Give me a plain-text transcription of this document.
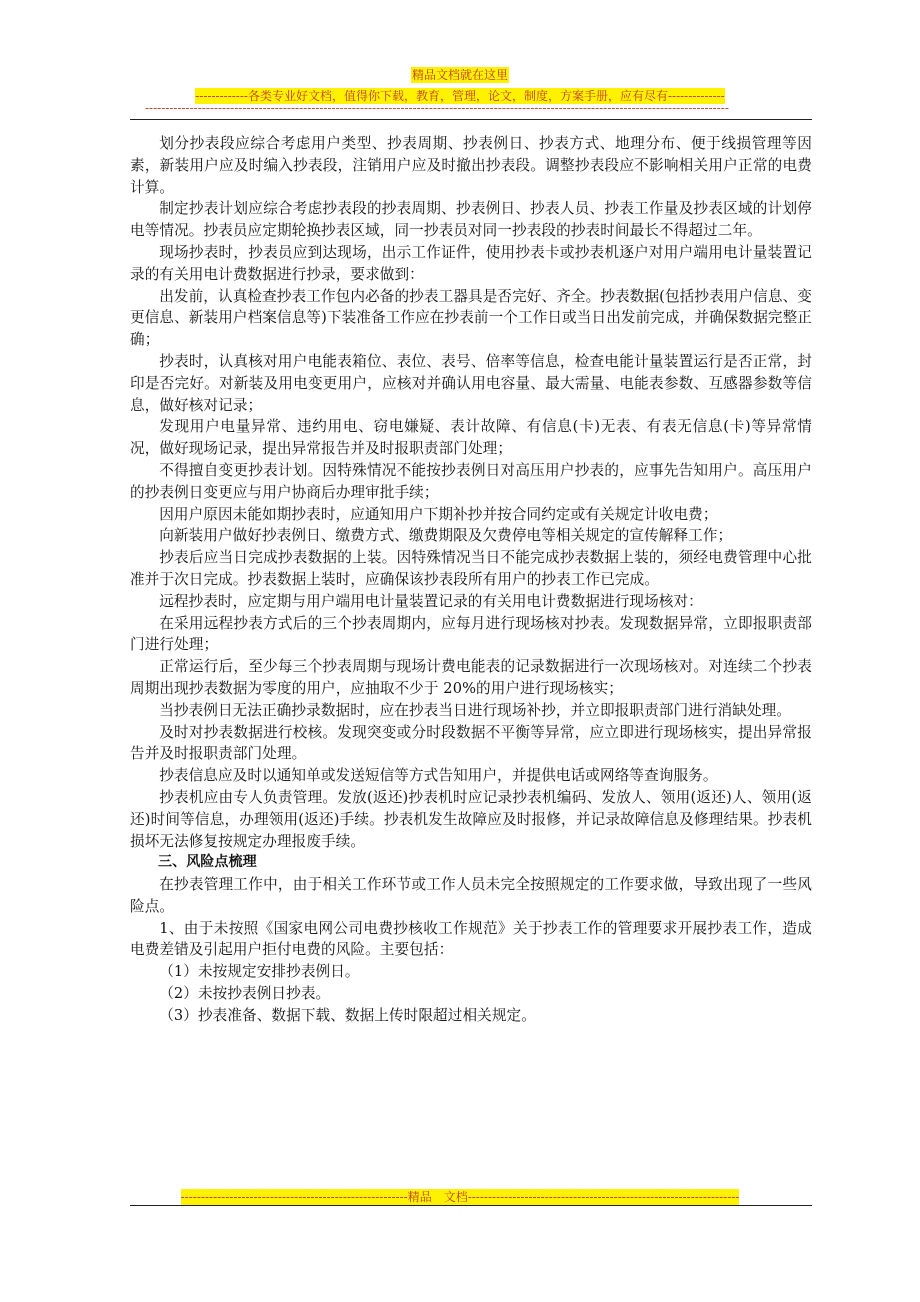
精品文档就在这里
-------------各类专业好文档，值得你下载，教育，管理，论文，制度，方案手册，应有尽有--------------
------------------------------------------------------------------------------------------------------------------------------------------------

划分抄表段应综合考虑用户类型、抄表周期、抄表例日、抄表方式、地理分布、便于线损管理等因素，新装用户应及时编入抄表段，注销用户应及时撤出抄表段。调整抄表段应不影响相关用户正常的电费计算。

制定抄表计划应综合考虑抄表段的抄表周期、抄表例日、抄表人员、抄表工作量及抄表区域的计划停电等情况。抄表员应定期轮换抄表区域，同一抄表员对同一抄表段的抄表时间最长不得超过二年。

现场抄表时，抄表员应到达现场，出示工作证件，使用抄表卡或抄表机逐户对用户端用电计量装置记录的有关用电计费数据进行抄录，要求做到：

出发前，认真检查抄表工作包内必备的抄表工器具是否完好、齐全。抄表数据(包括抄表用户信息、变更信息、新装用户档案信息等)下装准备工作应在抄表前一个工作日或当日出发前完成，并确保数据完整正确；

抄表时，认真核对用户电能表箱位、表位、表号、倍率等信息，检查电能计量装置运行是否正常，封印是否完好。对新装及用电变更用户，应核对并确认用电容量、最大需量、电能表参数、互感器参数等信息，做好核对记录；

发现用户电量异常、违约用电、窃电嫌疑、表计故障、有信息(卡)无表、有表无信息(卡)等异常情况，做好现场记录，提出异常报告并及时报职责部门处理；

不得擅自变更抄表计划。因特殊情况不能按抄表例日对高压用户抄表的，应事先告知用户。高压用户的抄表例日变更应与用户协商后办理审批手续；

因用户原因未能如期抄表时，应通知用户下期补抄并按合同约定或有关规定计收电费；

向新装用户做好抄表例日、缴费方式、缴费期限及欠费停电等相关规定的宣传解释工作；

抄表后应当日完成抄表数据的上装。因特殊情况当日不能完成抄表数据上装的，须经电费管理中心批准并于次日完成。抄表数据上装时，应确保该抄表段所有用户的抄表工作已完成。

远程抄表时，应定期与用户端用电计量装置记录的有关用电计费数据进行现场核对：

在采用远程抄表方式后的三个抄表周期内，应每月进行现场核对抄表。发现数据异常，立即报职责部门进行处理；

正常运行后，至少每三个抄表周期与现场计费电能表的记录数据进行一次现场核对。对连续二个抄表周期出现抄表数据为零度的用户，应抽取不少于 20%的用户进行现场核实；

当抄表例日无法正确抄录数据时，应在抄表当日进行现场补抄，并立即报职责部门进行消缺处理。

及时对抄表数据进行校核。发现突变或分时段数据不平衡等异常，应立即进行现场核实，提出异常报告并及时报职责部门处理。

抄表信息应及时以通知单或发送短信等方式告知用户，并提供电话或网络等查询服务。

抄表机应由专人负责管理。发放(返还)抄表机时应记录抄表机编码、发放人、领用(返还)人、领用(返还)时间等信息，办理领用(返还)手续。抄表机发生故障应及时报修，并记录故障信息及修理结果。抄表机损坏无法修复按规定办理报废手续。

三、风险点梳理

在抄表管理工作中，由于相关工作环节或工作人员未完全按照规定的工作要求做，导致出现了一些风险点。

1、由于未按照《国家电网公司电费抄核收工作规范》关于抄表工作的管理要求开展抄表工作，造成电费差错及引起用户拒付电费的风险。主要包括：

（1）未按规定安排抄表例日。

（2）未按抄表例日抄表。

（3）抄表准备、数据下载、数据上传时限超过相关规定。

--------------------------------------------------------精品　文档-------------------------------------------------------------------
